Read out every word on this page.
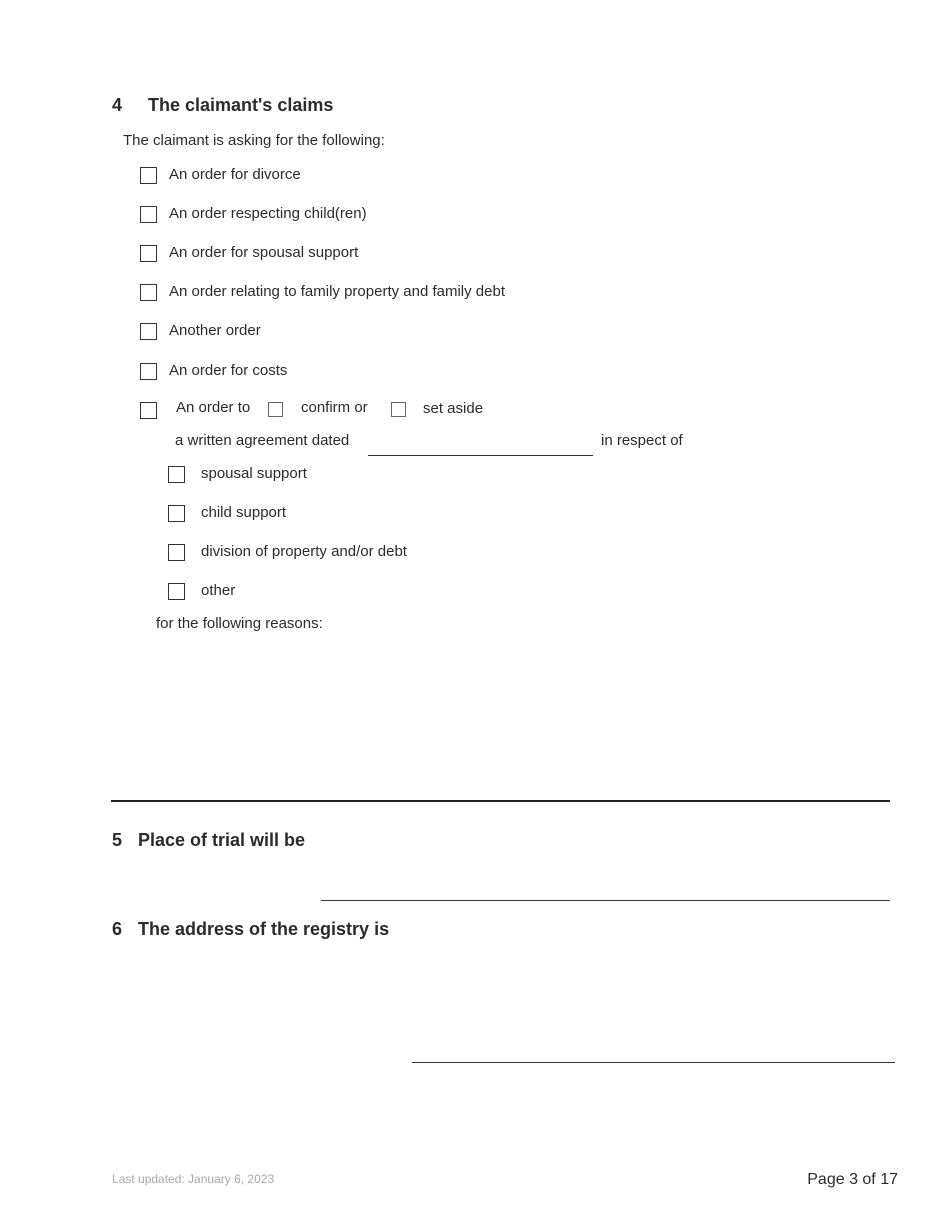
4 The claimant's claims
The claimant is asking for the following:
An order for divorce
An order respecting child(ren)
An order for spousal support
An order relating to family property and family debt
Another order
An order for costs
An order to	confirm or	set aside
a written agreement dated	in respect of
spousal support
child support
division of property and/or debt
other
for the following reasons:
5 Place of trial will be
6 The address of the registry is
Last updated: January 6, 2023	Page 3 of 17
